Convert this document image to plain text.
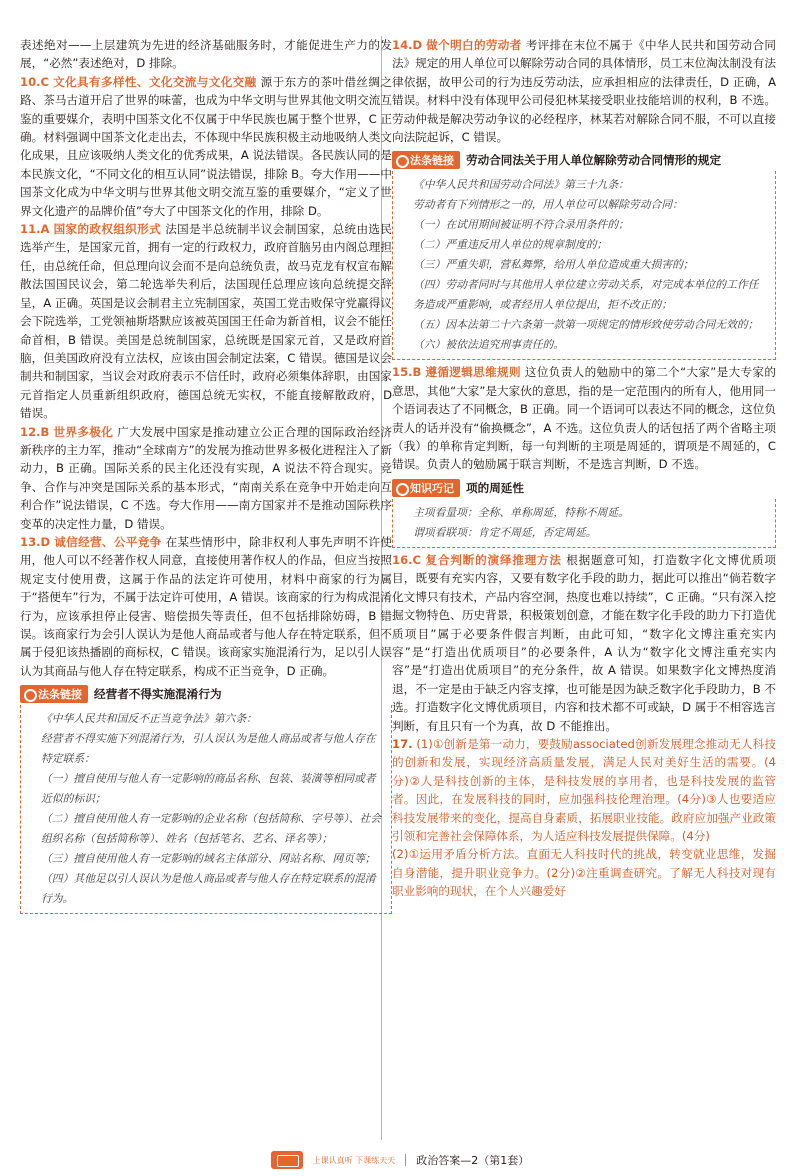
表述绝对——上层建筑为先进的经济基础服务时，才能促进生产力的发展，“必然”表述绝对，D 排除。

10.C 文化具有多样性、文化交流与文化交融 源于东方的茶叶借丝绸之路、茶马古道开启了世界的味蕾，也成为中华文明与世界其他文明交流互鉴的重要媒介，表明中国茶文化不仅属于中华民族也属于整个世界，C 正确。材料强调中国茶文化走出去，不体现中华民族积极主动地吸纳人类文化成果，且应该吸纳人类文化的优秀成果，A 说法错误。各民族认同的是本民族文化，“不同文化的相互认同”说法错误，排除 B。夸大作用——中国茶文化成为中华文明与世界其他文明交流互鉴的重要媒介，“定义了世界文化遗产的品牌价值”夸大了中国茶文化的作用，排除 D。

11.A 国家的政权组织形式 法国是半总统制半议会制国家，总统由选民选举产生，是国家元首，拥有一定的行政权力，政府首脑另由内阁总理担任，由总统任命，但总理向议会而不是向总统负责，故马克龙有权宣布解散法国国民议会，第二轮选举失利后，法国现任总理应该向总统提交辞呈，A 正确。英国是议会制君主立宪制国家，英国工党击败保守党赢得议会下院选举，工党领袖斯塔默应该被英国国王任命为新首相，议会不能任命首相，B 错误。美国是总统制国家，总统既是国家元首，又是政府首脑，但美国政府没有立法权，应该由国会制定法案，C 错误。德国是议会制共和制国家，当议会对政府表示不信任时，政府必须集体辞职，由国家元首指定人员重新组织政府，德国总统无实权，不能直接解散政府，D 错误。

12.B 世界多极化 广大发展中国家是推动建立公正合理的国际政治经济新秩序的主力军，推动“全球南方”的发展为推动世界多极化进程注入了新动力，B 正确。国际关系的民主化还没有实现，A 说法不符合现实。竞争、合作与冲突是国际关系的基本形式，“南南关系在竞争中开始走向互利合作”说法错误，C 不选。夸大作用——南方国家并不是推动国际秩序变革的决定性力量，D 错误。

13.D 诚信经营、公平竞争 在某些情形中，除非权利人事先声明不许使用，他人可以不经著作权人同意，直接使用著作权人的作品，但应当按照规定支付使用费，这属于作品的法定许可使用，材料中商家的行为属于“搭便车”行为，不属于法定许可使用，A 错误。该商家的行为构成混淆行为，应该承担停止侵害、赔偿损失等责任，但不包括排除妨碍，B 错误。该商家行为会引人误认为是他人商品或者与他人存在特定联系，但不属于侵犯该热播剧的商标权，C 错误。该商家实施混淆行为，足以引人误认为其商品与他人存在特定联系，构成不正当竞争，D 正确。

法条链接	经营者不得实施混淆行为

《中华人民共和国反不正当竞争法》第六条：

经营者不得实施下列混淆行为，引人误认为是他人商品或者与他人存在特定联系：

（一）擅自使用与他人有一定影响的商品名称、包装、装潢等相同或者近似的标识；

（二）擅自使用他人有一定影响的企业名称（包括简称、字号等）、社会组织名称（包括简称等）、姓名（包括笔名、艺名、译名等）；

（三）擅自使用他人有一定影响的域名主体部分、网站名称、网页等；

（四）其他足以引人误认为是他人商品或者与他人存在特定联系的混淆行为。

14.D 做个明白的劳动者 考评排在末位不属于《中华人民共和国劳动合同法》规定的用人单位可以解除劳动合同的具体情形，员工末位淘汰制没有法律依据，故甲公司的行为违反劳动法，应承担相应的法律责任，D 正确，A 错误。材料中没有体现甲公司侵犯林某接受职业技能培训的权利，B 不选。劳动仲裁是解决劳动争议的必经程序，林某若对解除合同不服，不可以直接向法院起诉，C 错误。

法条链接	劳动合同法关于用人单位解除劳动合同情形的规定

《中华人民共和国劳动合同法》第三十九条：

劳动者有下列情形之一的，用人单位可以解除劳动合同：

（一）在试用期间被证明不符合录用条件的；

（二）严重违反用人单位的规章制度的；

（三）严重失职，营私舞弊，给用人单位造成重大损害的；

（四）劳动者同时与其他用人单位建立劳动关系，对完成本单位的工作任务造成严重影响，或者经用人单位提出，拒不改正的；

（五）因本法第二十六条第一款第一项规定的情形致使劳动合同无效的；

（六）被依法追究刑事责任的。

15.B 遵循逻辑思维规则 这位负责人的勉励中的第二个“大家”是大专家的意思，其他“大家”是大家伙的意思，指的是一定范围内的所有人，他用同一个语词表达了不同概念，B 正确。同一个语词可以表达不同的概念，这位负责人的话并没有“偷换概念”，A 不选。这位负责人的话包括了两个省略主项（我）的单称肯定判断，每一句判断的主项是周延的，谓项是不周延的，C 错误。负责人的勉励属于联言判断，不是选言判断，D 不选。

知识巧记	项的周延性

主项看量项：全称、单称周延，特称不周延。

谓项看联项：肯定不周延，否定周延。

16.C 复合判断的演绎推理方法 根据题意可知，打造数字化文博优质项目，既要有充实内容，又要有数字化手段的助力，据此可以推出“倘若数字化文博只有技术，产品内容空洞，热度也难以持续”，C 正确。“只有深入挖掘文物特色、历史背景，积极策划创意，才能在数字化手段的助力下打造优质项目”属于必要条件假言判断，由此可知，“数字化文博注重充实内容”是“打造出优质项目”的必要条件，A 认为“数字化文博注重充实内容”是“打造出优质项目”的充分条件，故 A 错误。如果数字化文博热度消退，不一定是由于缺乏内容支撑，也可能是因为缺乏数字化手段助力，B 不选。打造数字化文博优质项目，内容和技术都不可或缺，D 属于不相容选言判断，有且只有一个为真，故 D 不能推出。

17. (1)①创新是第一动力，要鼓励associated创新发展理念推动无人科技的创新和发展，实现经济高质量发展，满足人民对美好生活的需要。(4分)②人是科技创新的主体，是科技发展的享用者，也是科技发展的监管者。因此，在发展科技的同时，应加强科技伦理治理。(4分)③人也要适应科技发展带来的变化，提高自身素质，拓展职业技能。政府应加强产业政策引领和完善社会保障体系，为人适应科技发展提供保障。(4分)

(2)①运用矛盾分析方法。直面无人科技时代的挑战，转变就业思维，发掘自身潜能，提升职业竞争力。(2分)②注重调查研究。了解无人科技对现有职业影响的现状，在个人兴趣爱好

上课认真听 下课练天天 政治答案—2（第1套）
